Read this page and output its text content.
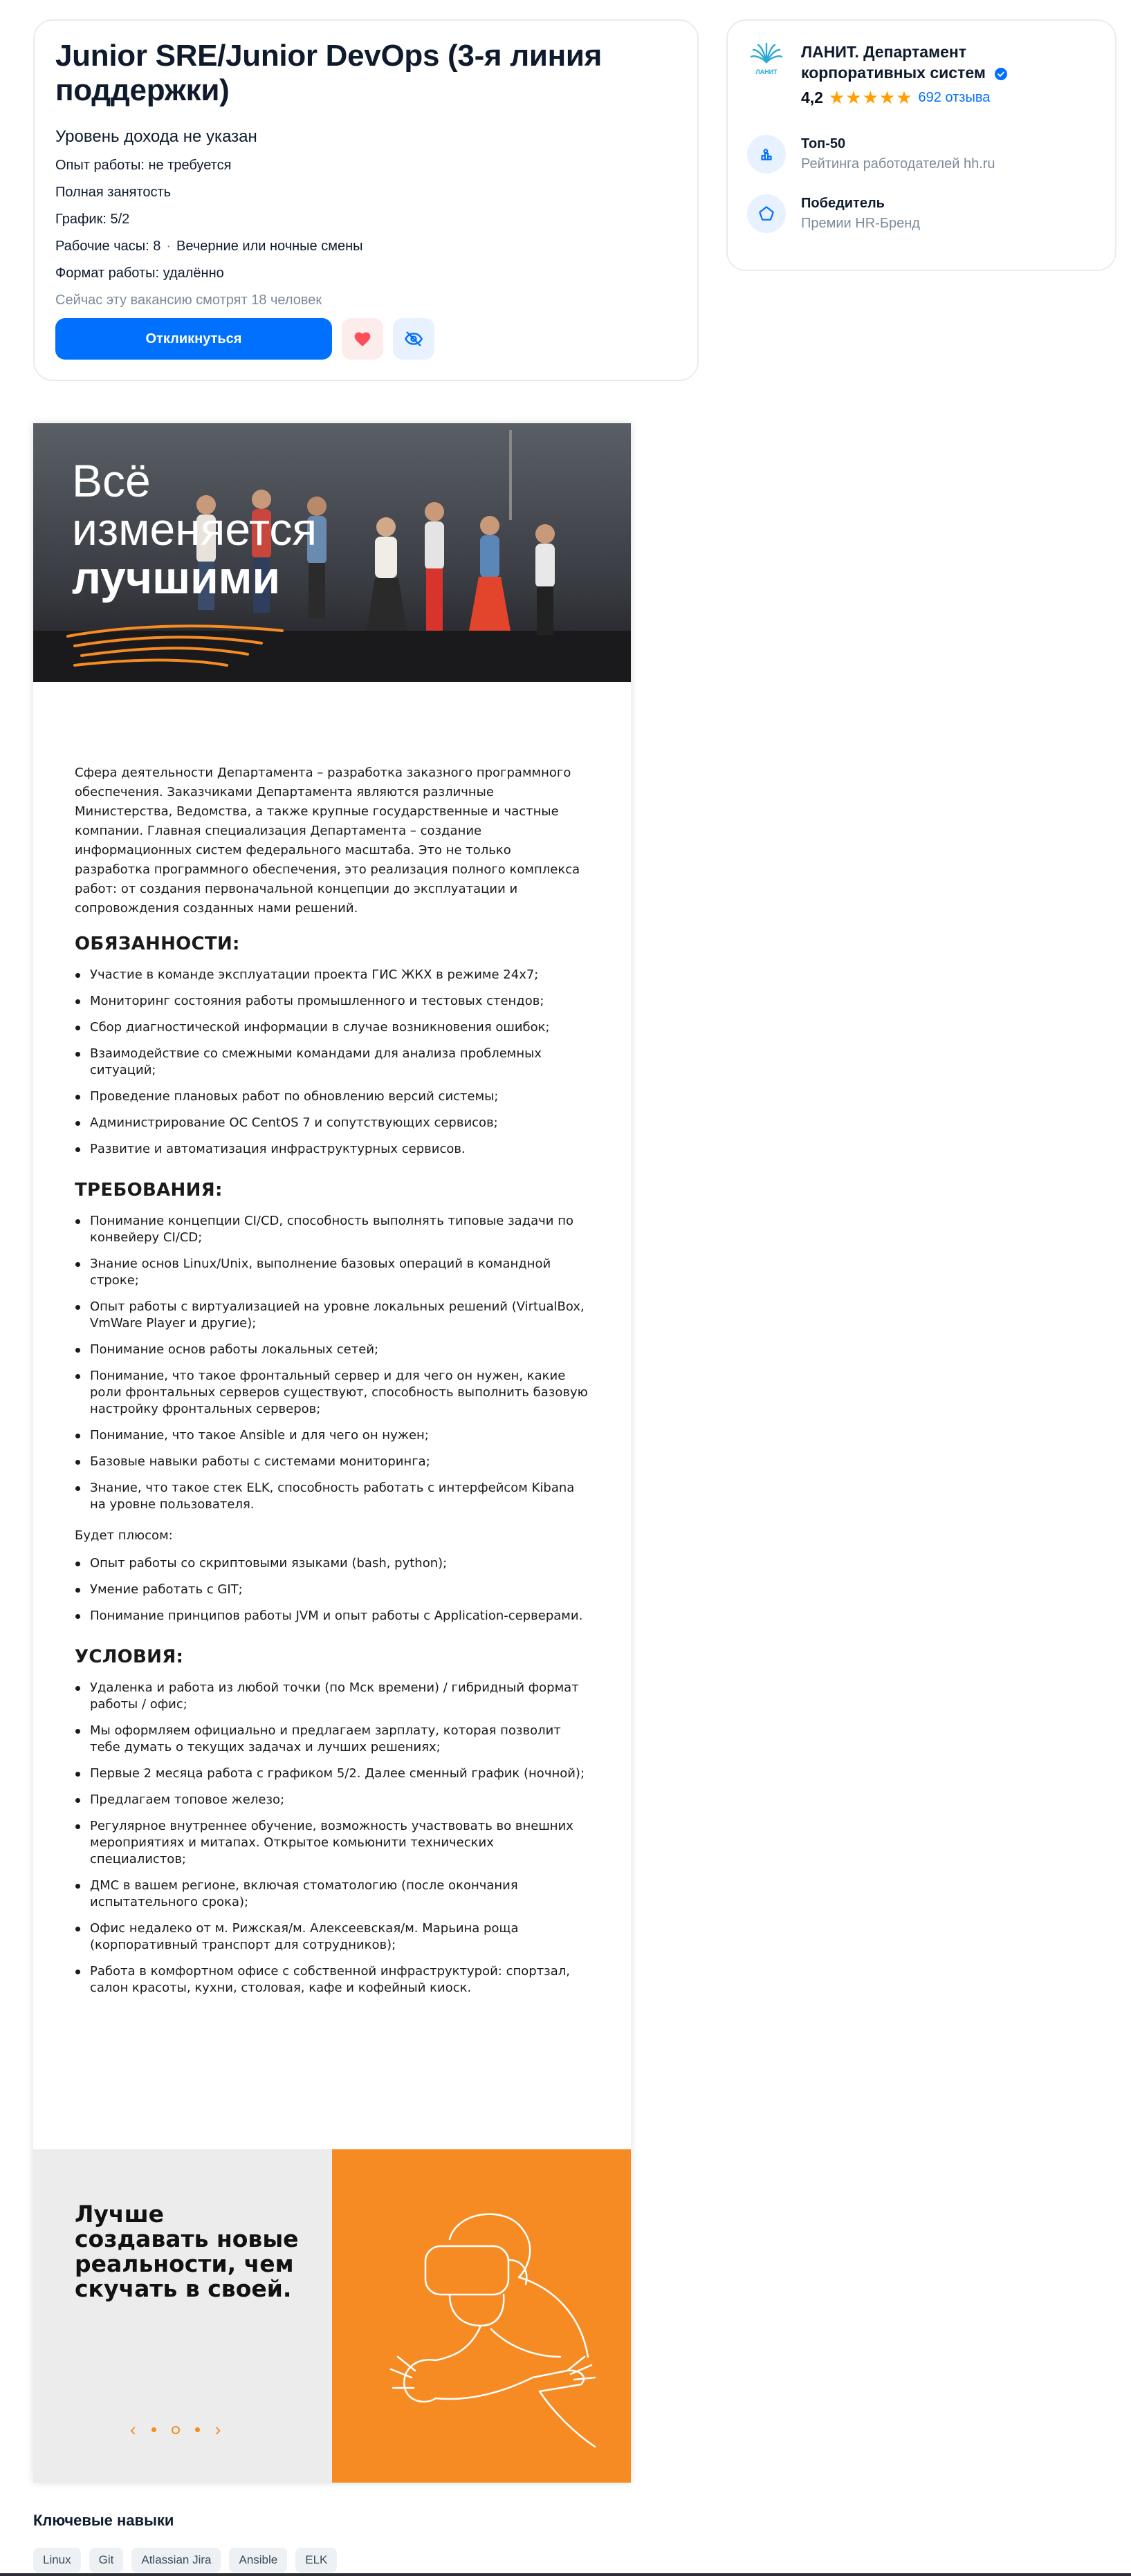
Junior SRE/Junior DevOps (3-я линия поддержки)
Уровень дохода не указан
Опыт работы: не требуется
Полная занятость
График: 5/2
Рабочие часы: 8 · Вечерние или ночные смены
Формат работы: удалённо
Сейчас эту вакансию смотрят 18 человек
Откликнуться
ЛАНИТ
ЛАНИТ. Департамент корпоративных систем
4,2 ★★★★★ 692 отзыва
Топ-50
Рейтинга работодателей hh.ru
Победитель
Премии HR-Бренд
Всё
изменяется
лучшими

Сфера деятельности Департамента – разработка заказного программного обеспечения. Заказчиками Департамента являются различные Министерства, Ведомства, а также крупные государственные и частные компании. Главная специализация Департамента – создание информационных систем федерального масштаба. Это не только разработка программного обеспечения, это реализация полного комплекса работ: от создания первоначальной концепции до эксплуатации и сопровождения созданных нами решений.

ОБЯЗАННОСТИ:
Участие в команде эксплуатации проекта ГИС ЖКХ в режиме 24х7;
Мониторинг состояния работы промышленного и тестовых стендов;
Сбор диагностической информации в случае возникновения ошибок;
Взаимодействие со смежными командами для анализа проблемных ситуаций;
Проведение плановых работ по обновлению версий системы;
Администрирование ОС CentOS 7 и сопутствующих сервисов;
Развитие и автоматизация инфраструктурных сервисов.
ТРЕБОВАНИЯ:
Понимание концепции CI/CD, способность выполнять типовые задачи по конвейеру CI/CD;
Знание основ Linux/Unix, выполнение базовых операций в командной строке;
Опыт работы с виртуализацией на уровне локальных решений (VirtualBox, VmWare Player и другие);
Понимание основ работы локальных сетей;
Понимание, что такое фронтальный сервер и для чего он нужен, какие роли фронтальных серверов существуют, способность выполнить базовую настройку фронтальных серверов;
Понимание, что такое Ansible и для чего он нужен;
Базовые навыки работы с системами мониторинга;
Знание, что такое стек ELK, способность работать с интерфейсом Kibana на уровне пользователя.
Будет плюсом:
Опыт работы со скриптовыми языками (bash, python);
Умение работать с GIT;
Понимание принципов работы JVM и опыт работы с Application-серверами.
УСЛОВИЯ:
Удаленка и работа из любой точки (по Мск времени) / гибридный формат работы / офис;
Мы оформляем официально и предлагаем зарплату, которая позволит тебе думать о текущих задачах и лучших решениях;
Первые 2 месяца работа с графиком 5/2. Далее сменный график (ночной);
Предлагаем топовое железо;
Регулярное внутреннее обучение, возможность участвовать во внешних мероприятиях и митапах. Открытое комьюнити технических специалистов;
ДМС в вашем регионе, включая стоматологию (после окончания испытательного срока);
Офис недалеко от м. Рижская/м. Алексеевская/м. Марьина роща (корпоративный транспорт для сотрудников);
Работа в комфортном офисе с собственной инфраструктурой: спортзал, салон красоты, кухни, столовая, кафе и кофейный киоск.
Лучше создавать новые реальности, чем скучать в своей.
‹	›
Ключевые навыки
Linux	Git	Atlassian Jira	Ansible	ELK
